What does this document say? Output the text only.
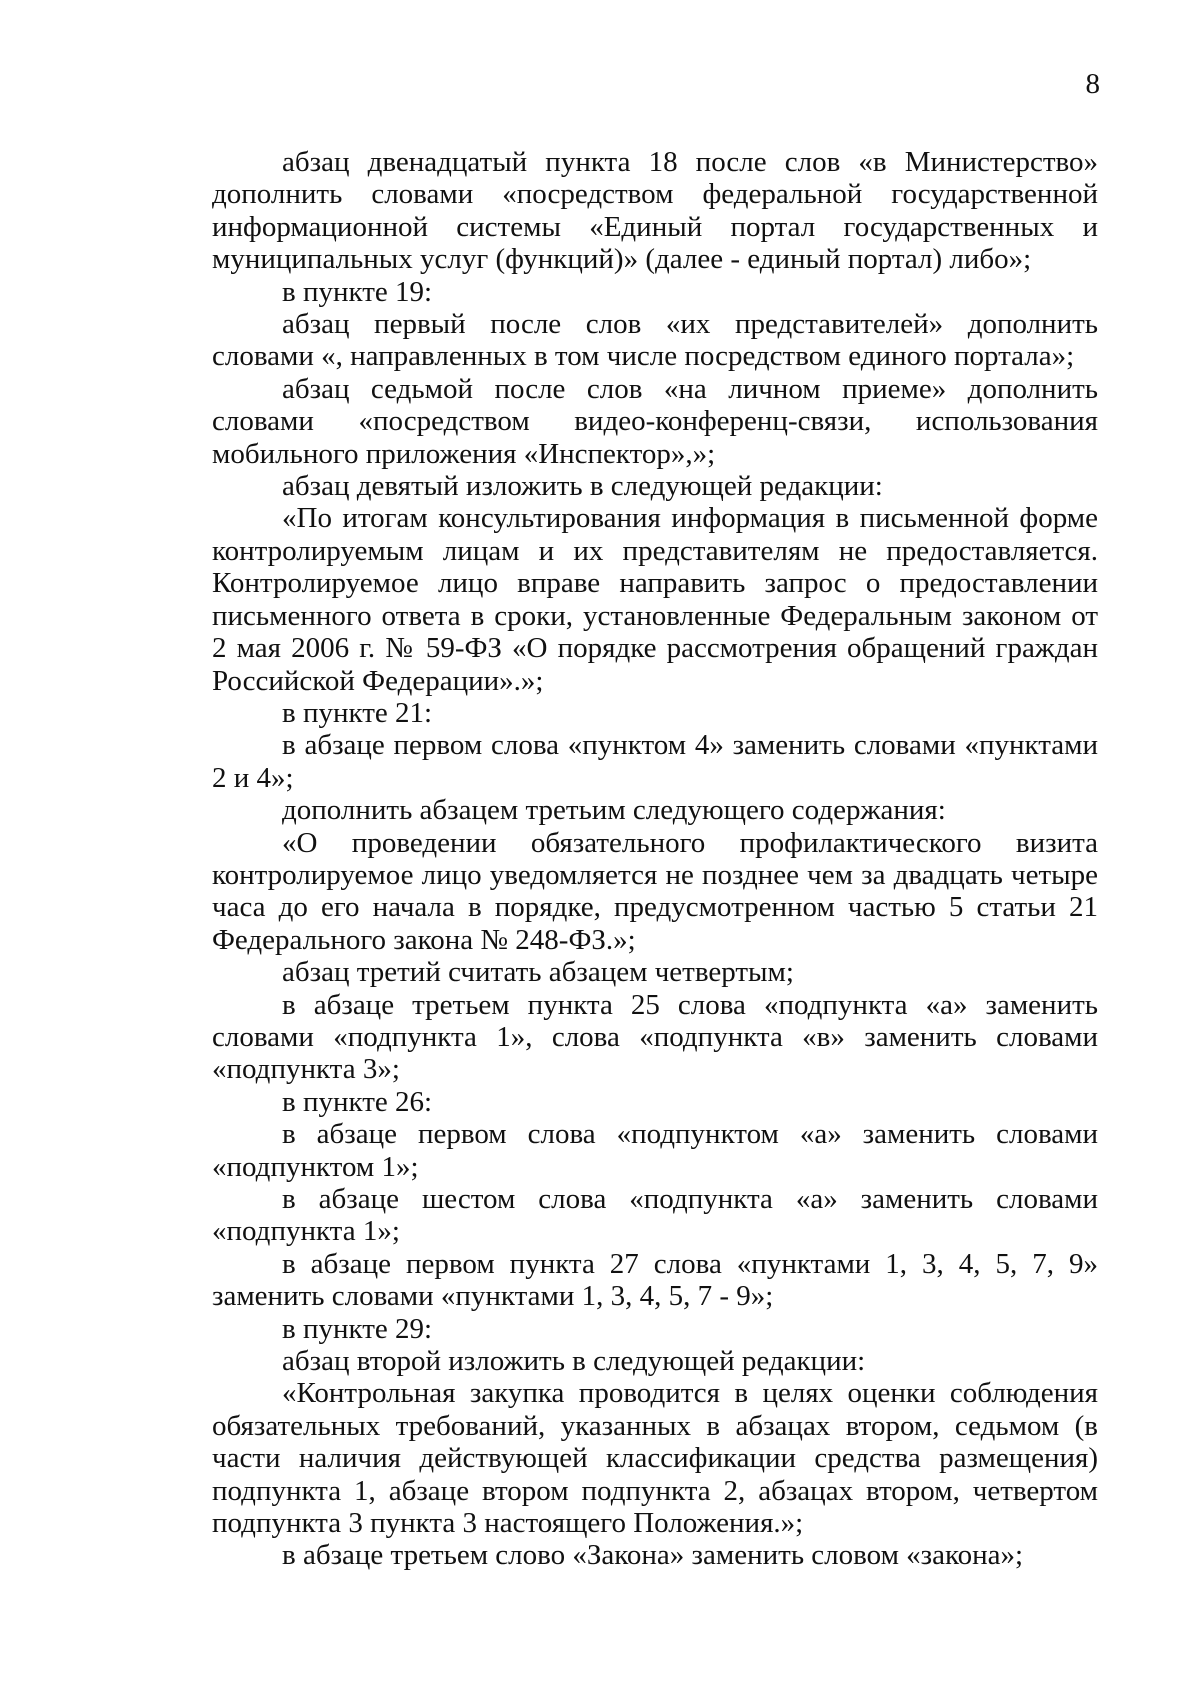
8

абзац двенадцатый пункта 18 после слов «в Министерство» дополнить словами «посредством федеральной государственной информационной системы «Единый портал государственных и муниципальных услуг (функций)» (далее - единый портал) либо»;

в пункте 19:

абзац первый после слов «их представителей» дополнить словами «, направленных в том числе посредством единого портала»;

абзац седьмой после слов «на личном приеме» дополнить словами «посредством видео-конференц-связи, использования мобильного приложения «Инспектор»,»;

абзац девятый изложить в следующей редакции:

«По итогам консультирования информация в письменной форме контролируемым лицам и их представителям не предоставляется. Контролируемое лицо вправе направить запрос о предоставлении письменного ответа в сроки, установленные Федеральным законом от 2 мая 2006 г. № 59-ФЗ «О порядке рассмотрения обращений граждан Российской Федерации».»;

в пункте 21:

в абзаце первом слова «пунктом 4» заменить словами «пунктами 2 и 4»;

дополнить абзацем третьим следующего содержания:

«О проведении обязательного профилактического визита контролируемое лицо уведомляется не позднее чем за двадцать четыре часа до его начала в порядке, предусмотренном частью 5 статьи 21 Федерального закона № 248-ФЗ.»;

абзац третий считать абзацем четвертым;

в абзаце третьем пункта 25 слова «подпункта «а» заменить словами «подпункта 1», слова «подпункта «в» заменить словами «подпункта 3»;

в пункте 26:

в абзаце первом слова «подпунктом «а» заменить словами «подпунктом 1»;

в абзаце шестом слова «подпункта «а» заменить словами «подпункта 1»;

в абзаце первом пункта 27 слова «пунктами 1, 3, 4, 5, 7, 9» заменить словами «пунктами 1, 3, 4, 5, 7 - 9»;

в пункте 29:

абзац второй изложить в следующей редакции:

«Контрольная закупка проводится в целях оценки соблюдения обязательных требований, указанных в абзацах втором, седьмом (в части наличия действующей классификации средства размещения) подпункта 1, абзаце втором подпункта 2, абзацах втором, четвертом подпункта 3 пункта 3 настоящего Положения.»;

в абзаце третьем слово «Закона» заменить словом «закона»;
